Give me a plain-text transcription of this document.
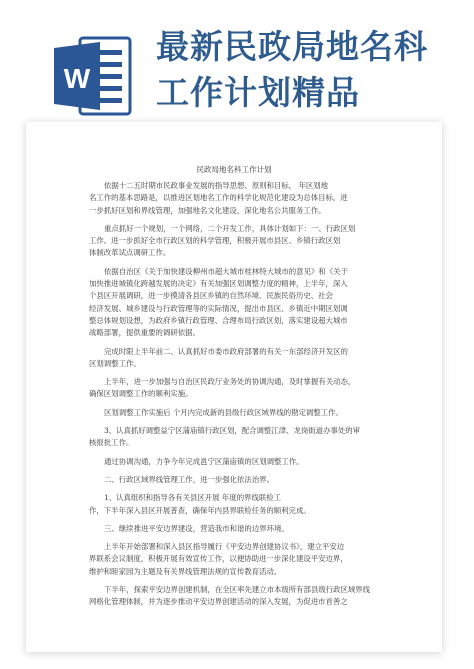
W
最新民政局地名科
工作计划精品
民政局地名科工作计划
依据十二五时期市民政事业发展的指导思想、原则和目标， 年区划地
名工作的基本思路是，以推进区划地名工作的科学化规范化建设为总体目标，进
一步抓好区划和界线管理，加强地名文化建设，深化地名公共服务工作。
重点抓好一个规划，一个网络，二个开发工作，具体计划如下：一、行政区划
工作。进一步抓好全市行政区划的科学管理，积极开展市县区、乡镇行政区划
体制改革试点调研工作。
依据自治区《关于加快建设柳州市超大城市桂林特大城市的意见》和《关于
加快推进城镇化跨越发展的决定》有关加强区划调整力度的精神，上半年，深入
个县区开展调研，进一步摸清各县区乡镇的自然环境、民族民俗历史、社会
经济发展、城乡建设与行政管理等的实际情况，提出市县区、乡镇近中期区划调
整总体规划设想，为政府乡镇行政管理、合理布局行政区划，落实建设超大城市
战略部署，提供重要的调研依据。
完成时限上半年前二、认真抓好市委市政府部署的有关一东部经济开发区的
区划调整工作。
上半年，进一步加强与自治区民政厅业务处的协调沟通，及时掌握有关动态，
确保区划调整工作的顺利实施。
区划调整工作实施后 个月内完成新的县级行政区域界线的勘定调整工作。
3、认真抓好调整益宁区蒲庙镇行政区划，配合调整江津、龙岗街道办事处的审
核报批工作。
通过协调沟通，力争今年完成邕宁区蒲庙镇的区划调整工作。
二、行政区域界线管理工作，进一步强化依法治界。
1、认真组织和指导各有关县区开展 年度的界线联检工
作，下半年深入县区开展普查，确保年内县界联检任务的顺利完成。
三、继续推进平安边界建设，营造我市和谐的边界环境。
上半年开始部署和深入县区指导履行《平安边界创建协议书》，建立平安边
界联系会议制度，积极开展有效宣传工作，以便协助进一步深化建设平安边界，
维护和睦家园为主题及有关界线管理法规的宣传教育活动。
下半年，探索平安边界创建机制，在全区率先建立市本级所有部县级行政区域界线
网格化管理体制，并为逐步推动平安边界创建活动的深入发展，为促进市首善之
